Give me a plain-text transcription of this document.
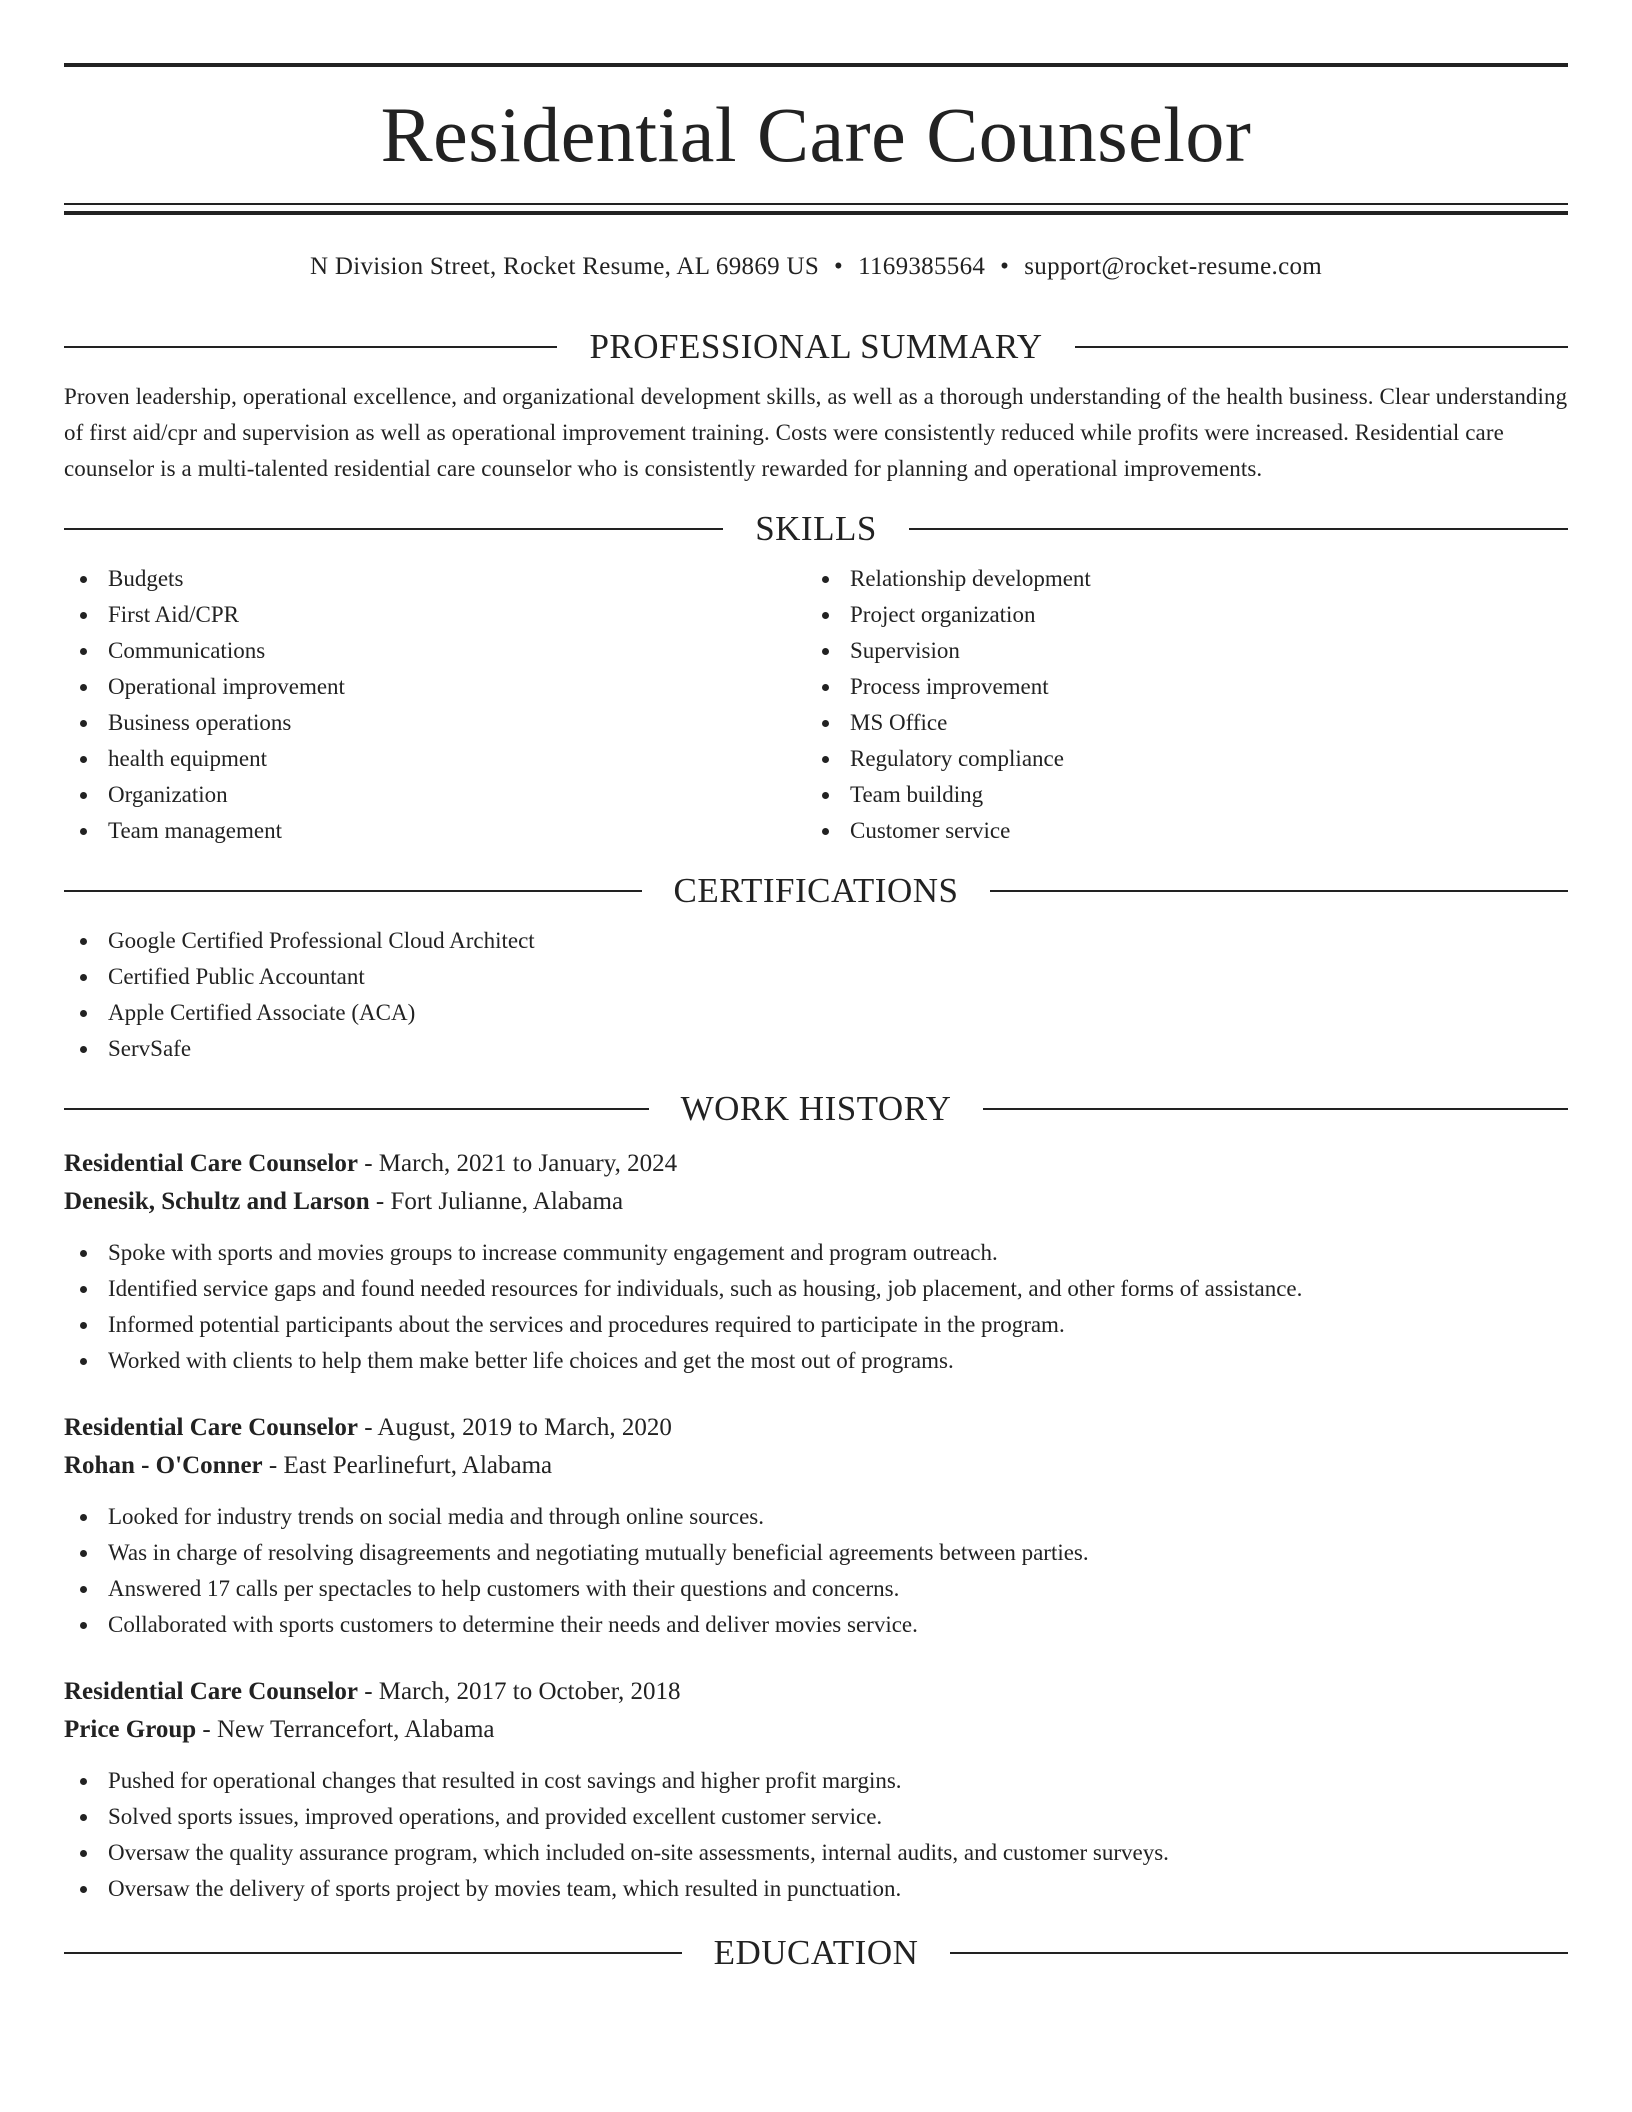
Residential Care Counselor
N Division Street, Rocket Resume, AL 69869 US • 1169385564 • support@rocket-resume.com
PROFESSIONAL SUMMARY
Proven leadership, operational excellence, and organizational development skills, as well as a thorough understanding of the health business. Clear understanding of first aid/cpr and supervision as well as operational improvement training. Costs were consistently reduced while profits were increased. Residential care counselor is a multi-talented residential care counselor who is consistently rewarded for planning and operational improvements.
SKILLS
Budgets
First Aid/CPR
Communications
Operational improvement
Business operations
health equipment
Organization
Team management
Relationship development
Project organization
Supervision
Process improvement
MS Office
Regulatory compliance
Team building
Customer service
CERTIFICATIONS
Google Certified Professional Cloud Architect
Certified Public Accountant
Apple Certified Associate (ACA)
ServSafe
WORK HISTORY
Residential Care Counselor - March, 2021 to January, 2024
Denesik, Schultz and Larson - Fort Julianne, Alabama
Spoke with sports and movies groups to increase community engagement and program outreach.
Identified service gaps and found needed resources for individuals, such as housing, job placement, and other forms of assistance.
Informed potential participants about the services and procedures required to participate in the program.
Worked with clients to help them make better life choices and get the most out of programs.
Residential Care Counselor - August, 2019 to March, 2020
Rohan - O'Conner - East Pearlinefurt, Alabama
Looked for industry trends on social media and through online sources.
Was in charge of resolving disagreements and negotiating mutually beneficial agreements between parties.
Answered 17 calls per spectacles to help customers with their questions and concerns.
Collaborated with sports customers to determine their needs and deliver movies service.
Residential Care Counselor - March, 2017 to October, 2018
Price Group - New Terrancefort, Alabama
Pushed for operational changes that resulted in cost savings and higher profit margins.
Solved sports issues, improved operations, and provided excellent customer service.
Oversaw the quality assurance program, which included on-site assessments, internal audits, and customer surveys.
Oversaw the delivery of sports project by movies team, which resulted in punctuation.
EDUCATION
